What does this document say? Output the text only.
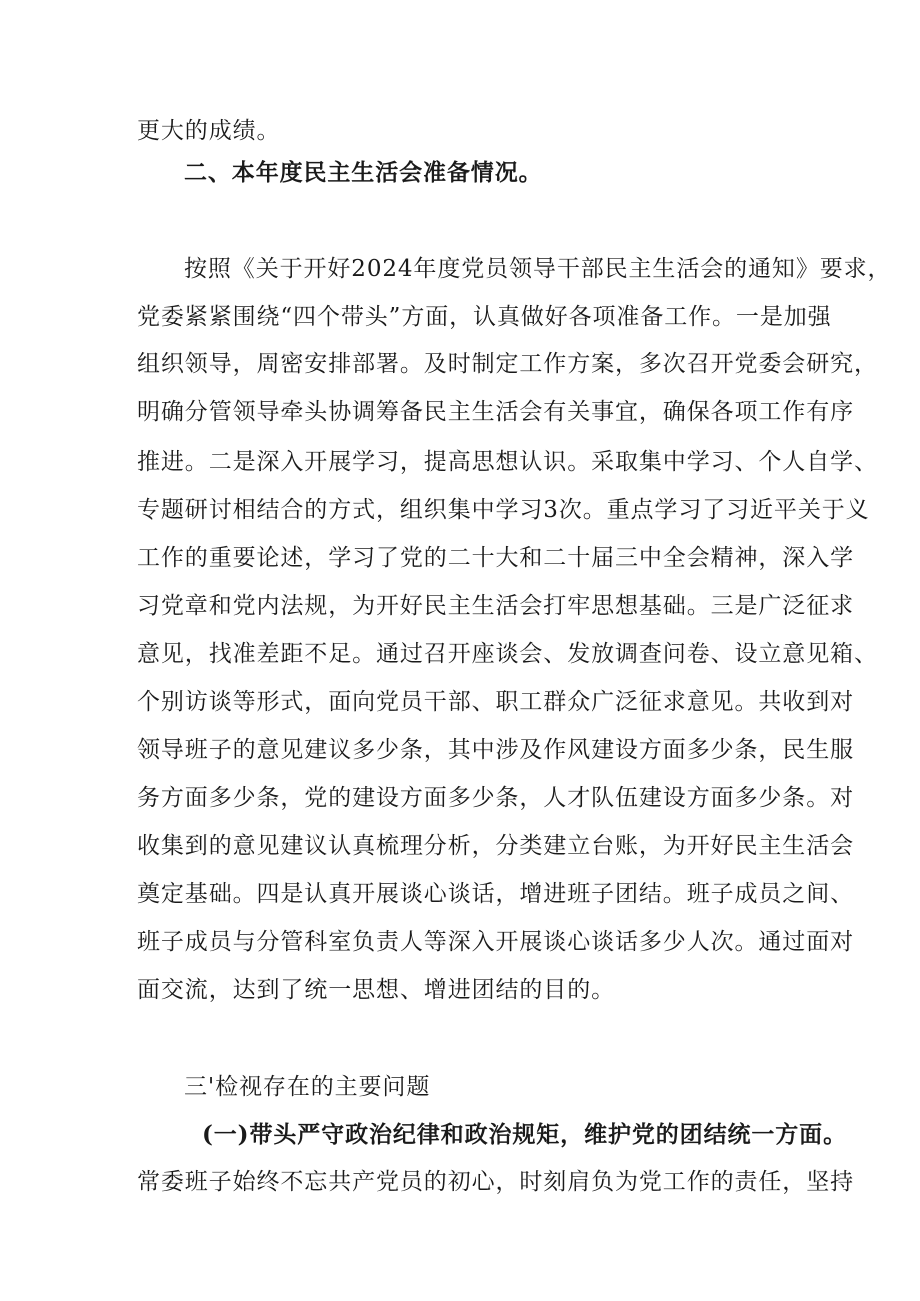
更大的成绩。
二、本年度民主生活会准备情况。
按照《关于开好2024年度党员领导干部民主生活会的通知》要求，
党委紧紧围绕“四个带头”方面，认真做好各项准备工作。一是加强
组织领导，周密安排部署。及时制定工作方案，多次召开党委会研究，
明确分管领导牵头协调筹备民主生活会有关事宜，确保各项工作有序
推进。二是深入开展学习，提高思想认识。采取集中学习、个人自学、
专题研讨相结合的方式，组织集中学习3次。重点学习了习近平关于义
工作的重要论述，学习了党的二十大和二十届三中全会精神，深入学
习党章和党内法规，为开好民主生活会打牢思想基础。三是广泛征求
意见，找准差距不足。通过召开座谈会、发放调查问卷、设立意见箱、
个别访谈等形式，面向党员干部、职工群众广泛征求意见。共收到对
领导班子的意见建议多少条，其中涉及作风建设方面多少条，民生服
务方面多少条，党的建设方面多少条，人才队伍建设方面多少条。对
收集到的意见建议认真梳理分析，分类建立台账，为开好民主生活会
奠定基础。四是认真开展谈心谈话，增进班子团结。班子成员之间、
班子成员与分管科室负责人等深入开展谈心谈话多少人次。通过面对
面交流，达到了统一思想、增进团结的目的。
三'检视存在的主要问题
(一)带头严守政治纪律和政治规矩，维护党的团结统一方面。
常委班子始终不忘共产党员的初心，时刻肩负为党工作的责任，坚持
